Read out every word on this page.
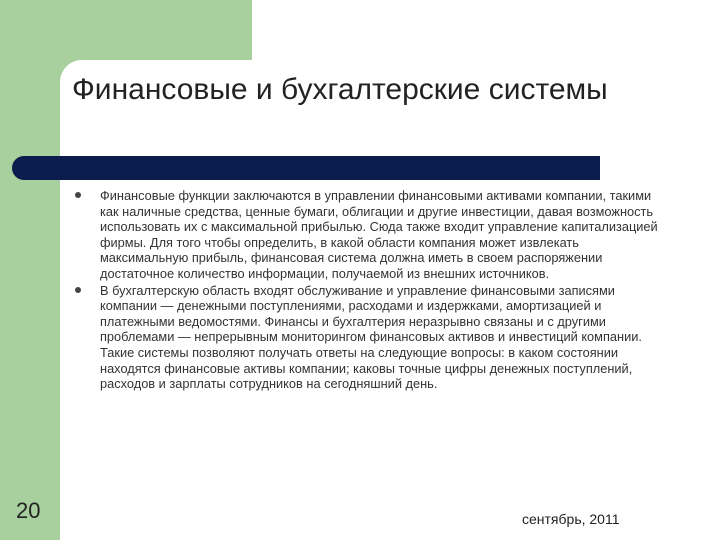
Финансовые и бухгалтерские системы
Финансовые функции заключаются в управлении финансовыми активами компании, такими как наличные средства, ценные бумаги, облигации и другие инвестиции, давая возможность использовать их с максимальной прибылью. Сюда также входит управление капитализацией фирмы. Для того чтобы определить, в какой области компания может извлекать максимальную прибыль, финансовая система должна иметь в своем распоряжении достаточное количество информации, получаемой из внешних источников.
В бухгалтерскую область входят обслуживание и управление финансовыми записями компании — денежными поступлениями, расходами и издержками, амортизацией и платежными ведомостями. Финансы и бухгалтерия неразрывно связаны и с другими проблемами — непрерывным мониторингом финансовых активов и инвестиций компании. Такие системы позволяют получать ответы на следующие вопросы: в каком состоянии находятся финансовые активы компании; каковы точные цифры денежных поступлений, расходов и зарплаты сотрудников на сегодняшний день.
20	сентябрь, 2011
